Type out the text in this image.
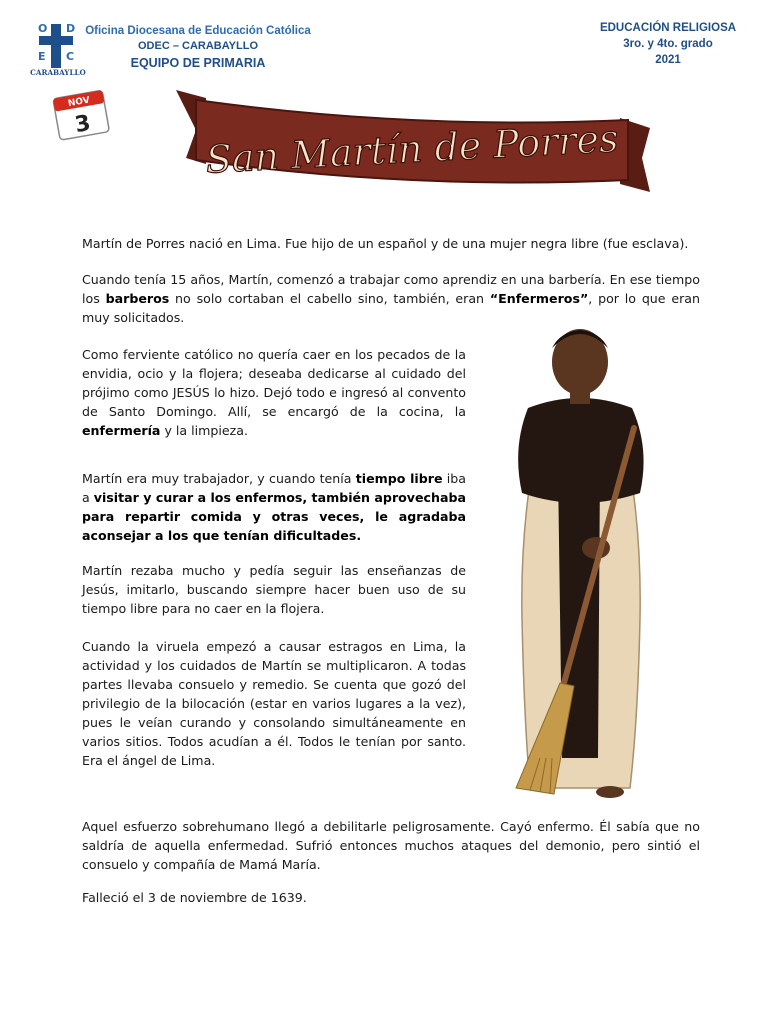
O D
E C
CARABAYLLO
Oficina Diocesana de Educación Católica
ODEC – CARABAYLLO
EQUIPO DE PRIMARIA
EDUCACIÓN RELIGIOSA
3ro. y 4to. grado
2021
NOV
3	San Martín de Porres
Martín de Porres nació en Lima. Fue hijo de un español y de una mujer negra libre (fue esclava).
Cuando tenía 15 años, Martín, comenzó a trabajar como aprendiz en una barbería. En ese tiempo los barberos no solo cortaban el cabello sino, también, eran “Enfermeros”, por lo que eran muy solicitados.
Como ferviente católico no quería caer en los pecados de la envidia, ocio y la flojera; deseaba dedicarse al cuidado del prójimo como JESÚS lo hizo. Dejó todo e ingresó al convento de Santo Domingo. Allí, se encargó de la cocina, la enfermería y la limpieza.
Martín era muy trabajador, y cuando tenía tiempo libre iba a visitar y curar a los enfermos, también aprovechaba para repartir comida y otras veces, le agradaba aconsejar a los que tenían dificultades.
Martín rezaba mucho y pedía seguir las enseñanzas de Jesús, imitarlo, buscando siempre hacer buen uso de su tiempo libre para no caer en la flojera.
Cuando la viruela empezó a causar estragos en Lima, la actividad y los cuidados de Martín se multiplicaron. A todas partes llevaba consuelo y remedio. Se cuenta que gozó del privilegio de la bilocación (estar en varios lugares a la vez), pues le veían curando y consolando simultáneamente en varios sitios. Todos acudían a él. Todos le tenían por santo. Era el ángel de Lima.
Aquel esfuerzo sobrehumano llegó a debilitarle peligrosamente. Cayó enfermo. Él sabía que no saldría de aquella enfermedad. Sufrió entonces muchos ataques del demonio, pero sintió el consuelo y compañía de Mamá María.
Falleció el 3 de noviembre de 1639.
